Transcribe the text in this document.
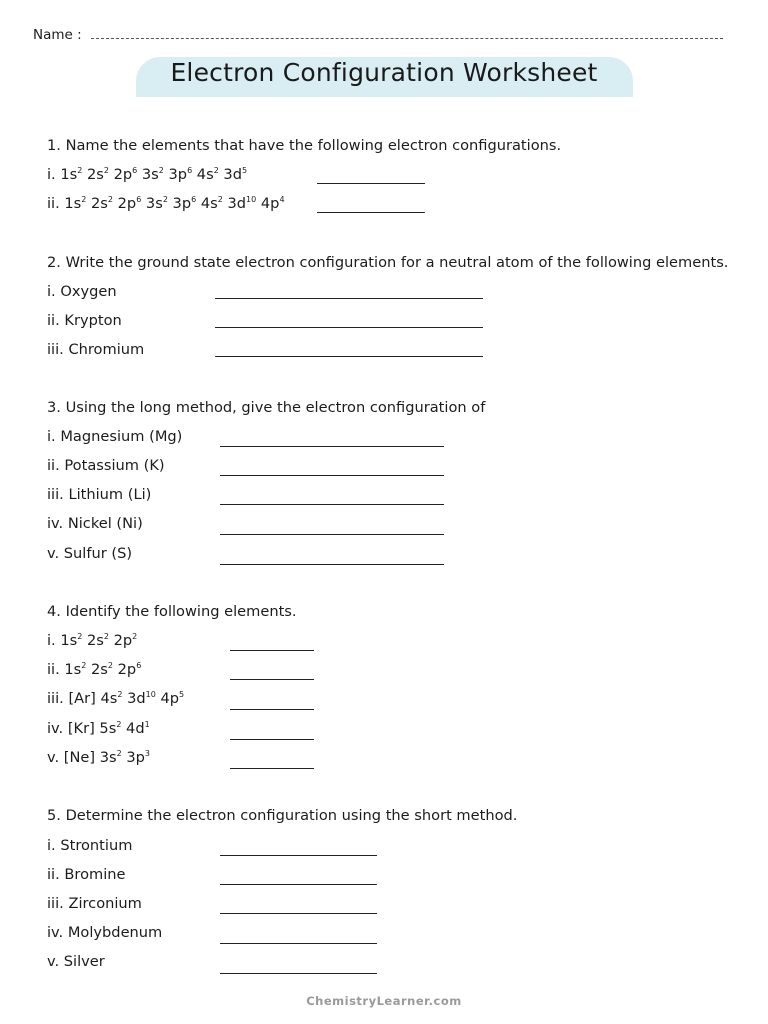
Name :
Electron Configuration Worksheet
1. Name the elements that have the following electron configurations.
i. $1s^2$ $2s^2$ $2p^6$ $3s^2$ $3p^6$ $4s^2$ $3d^5$
ii. $1s^2$ $2s^2$ $2p^6$ $3s^2$ $3p^6$ $4s^2$ $3d^{10}$ $4p^4$
2. Write the ground state electron configuration for a neutral atom of the following elements.
i. Oxygen
ii. Krypton
iii. Chromium
3. Using the long method, give the electron configuration of
i. Magnesium (Mg)
ii. Potassium (K)
iii. Lithium (Li)
iv. Nickel (Ni)
v. Sulfur (S)
4. Identify the following elements.
i. $1s^2$ $2s^2$ $2p^2$
ii. $1s^2$ $2s^2$ $2p^6$
iii. [Ar] $4s^2$ $3d^{10}$ $4p^5$
iv. [Kr] $5s^2$ $4d^1$
v. [Ne] $3s^2$ $3p^3$
5. Determine the electron configuration using the short method.
i. Strontium
ii. Bromine
iii. Zirconium
iv. Molybdenum
v. Silver
ChemistryLearner.com
